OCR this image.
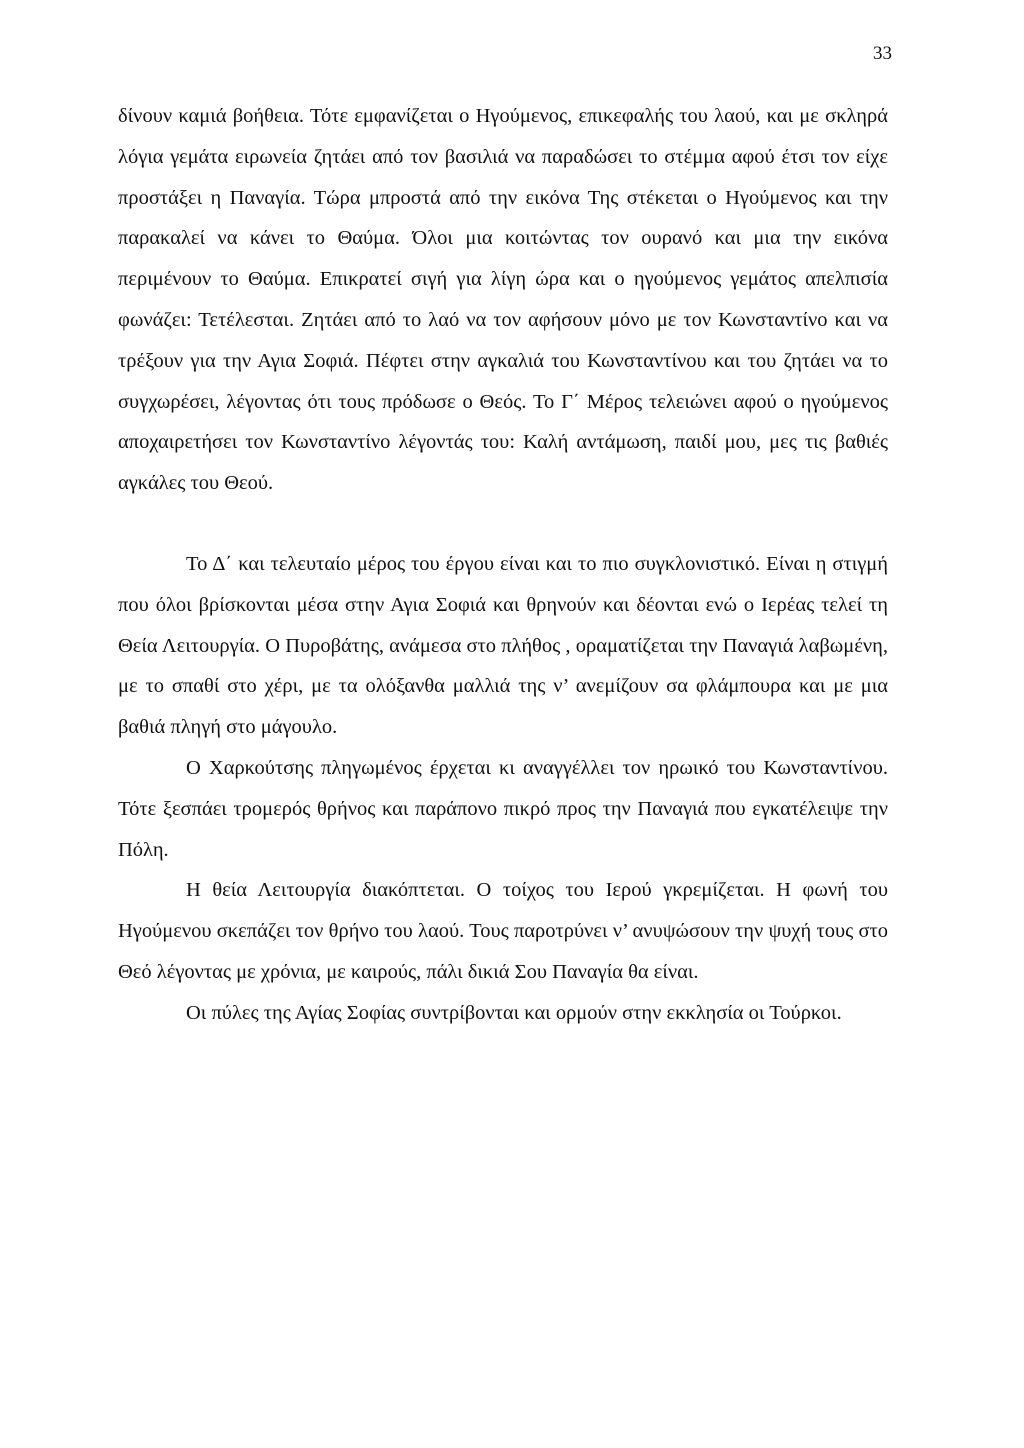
33

δίνουν καμιά βοήθεια. Τότε εμφανίζεται ο Ηγούμενος, επικεφαλής του λαού, και με σκληρά λόγια γεμάτα ειρωνεία ζητάει από τον βασιλιά να παραδώσει το στέμμα αφού έτσι τον είχε προστάξει η Παναγία. Τώρα μπροστά από την εικόνα Της στέκεται ο Ηγούμενος και την παρακαλεί να κάνει το Θαύμα. Όλοι μια κοιτώντας τον ουρανό και μια την εικόνα περιμένουν το Θαύμα. Επικρατεί σιγή για λίγη ώρα και ο ηγούμενος γεμάτος απελπισία φωνάζει: Τετέλεσται. Ζητάει από το λαό να τον αφήσουν μόνο με τον Κωνσταντίνο και να τρέξουν για την Αγια Σοφιά. Πέφτει στην αγκαλιά του Κωνσταντίνου και του ζητάει να το συγχωρέσει, λέγοντας ότι τους πρόδωσε ο Θεός. Το Γ΄ Μέρος τελειώνει αφού ο ηγούμενος αποχαιρετήσει τον Κωνσταντίνο λέγοντάς του: Καλή αντάμωση, παιδί μου, μες τις βαθιές αγκάλες του Θεού.

Το Δ΄ και τελευταίο μέρος του έργου είναι και το πιο συγκλονιστικό. Είναι η στιγμή που όλοι βρίσκονται μέσα στην Αγια Σοφιά και θρηνούν και δέονται ενώ ο Ιερέας τελεί τη Θεία Λειτουργία. Ο Πυροβάτης, ανάμεσα στο πλήθος , οραματίζεται την Παναγιά λαβωμένη, με το σπαθί στο χέρι, με τα ολόξανθα μαλλιά της ν’ ανεμίζουν σα φλάμπουρα και με μια βαθιά πληγή στο μάγουλο.

Ο Χαρκούτσης πληγωμένος έρχεται κι αναγγέλλει τον ηρωικό του Κωνσταντίνου. Τότε ξεσπάει τρομερός θρήνος και παράπονο πικρό προς την Παναγιά που εγκατέλειψε την Πόλη.

Η θεία Λειτουργία διακόπτεται. Ο τοίχος του Ιερού γκρεμίζεται. Η φωνή του Ηγούμενου σκεπάζει τον θρήνο του λαού. Τους παροτρύνει ν’ ανυψώσουν την ψυχή τους στο Θεό λέγοντας με χρόνια, με καιρούς, πάλι δικιά Σου Παναγία θα είναι.

Οι πύλες της Αγίας Σοφίας συντρίβονται και ορμούν στην εκκλησία οι Τούρκοι.
